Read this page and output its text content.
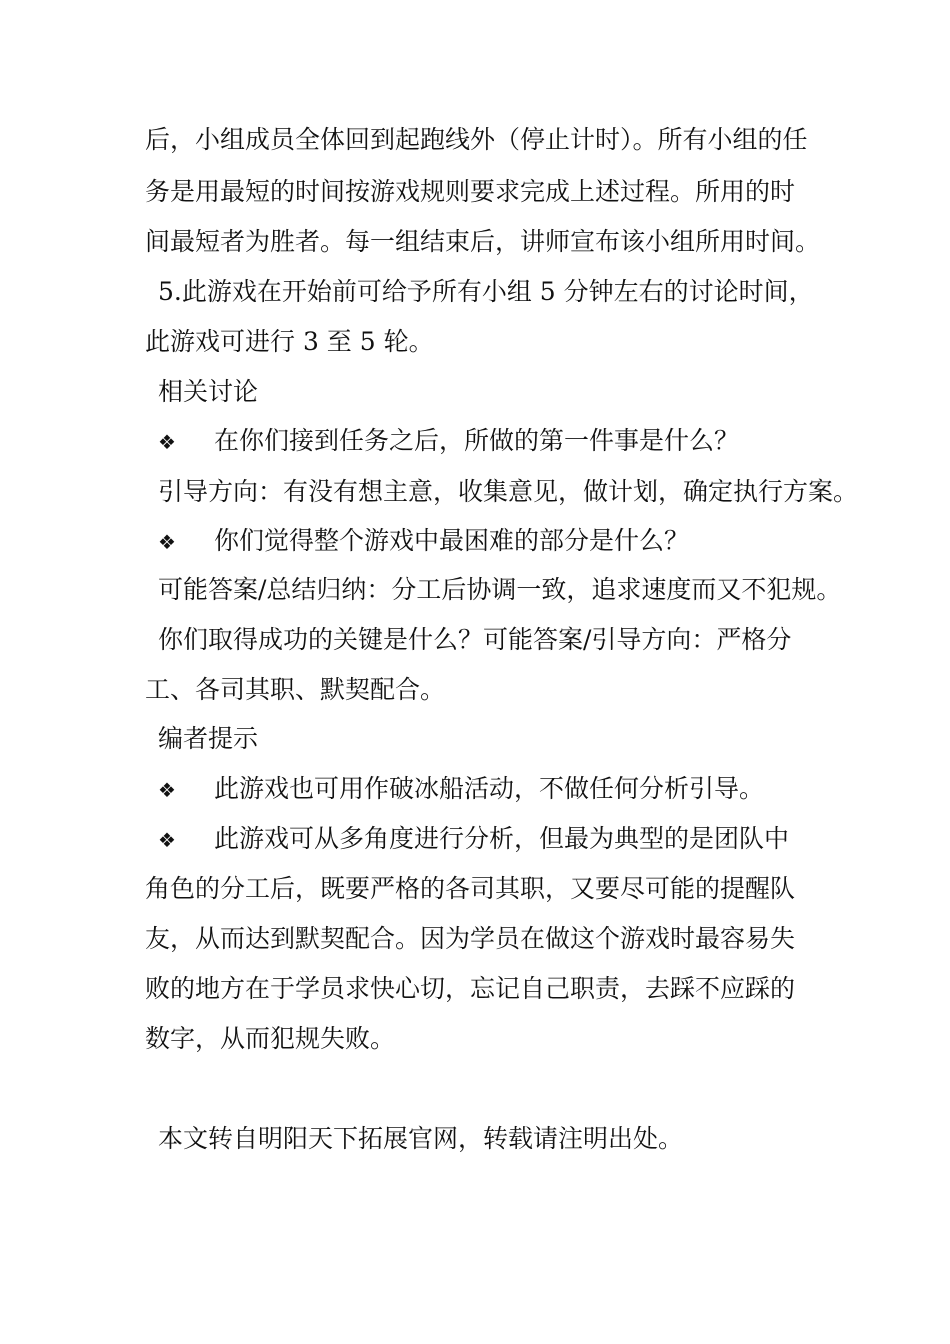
后，小组成员全体回到起跑线外（停止计时）。所有小组的任
务是用最短的时间按游戏规则要求完成上述过程。所用的时
间最短者为胜者。每一组结束后，讲师宣布该小组所用时间。
5.此游戏在开始前可给予所有小组 5 分钟左右的讨论时间，
此游戏可进行 3 至 5 轮。
相关讨论
❖ 在你们接到任务之后，所做的第一件事是什么？
引导方向：有没有想主意，收集意见，做计划，确定执行方案。
❖ 你们觉得整个游戏中最困难的部分是什么？
可能答案/总结归纳：分工后协调一致，追求速度而又不犯规。
你们取得成功的关键是什么？可能答案/引导方向：严格分
工、各司其职、默契配合。
编者提示
❖ 此游戏也可用作破冰船活动，不做任何分析引导。
❖ 此游戏可从多角度进行分析，但最为典型的是团队中
角色的分工后，既要严格的各司其职，又要尽可能的提醒队
友，从而达到默契配合。因为学员在做这个游戏时最容易失
败的地方在于学员求快心切，忘记自己职责，去踩不应踩的
数字，从而犯规失败。
本文转自明阳天下拓展官网，转载请注明出处。
